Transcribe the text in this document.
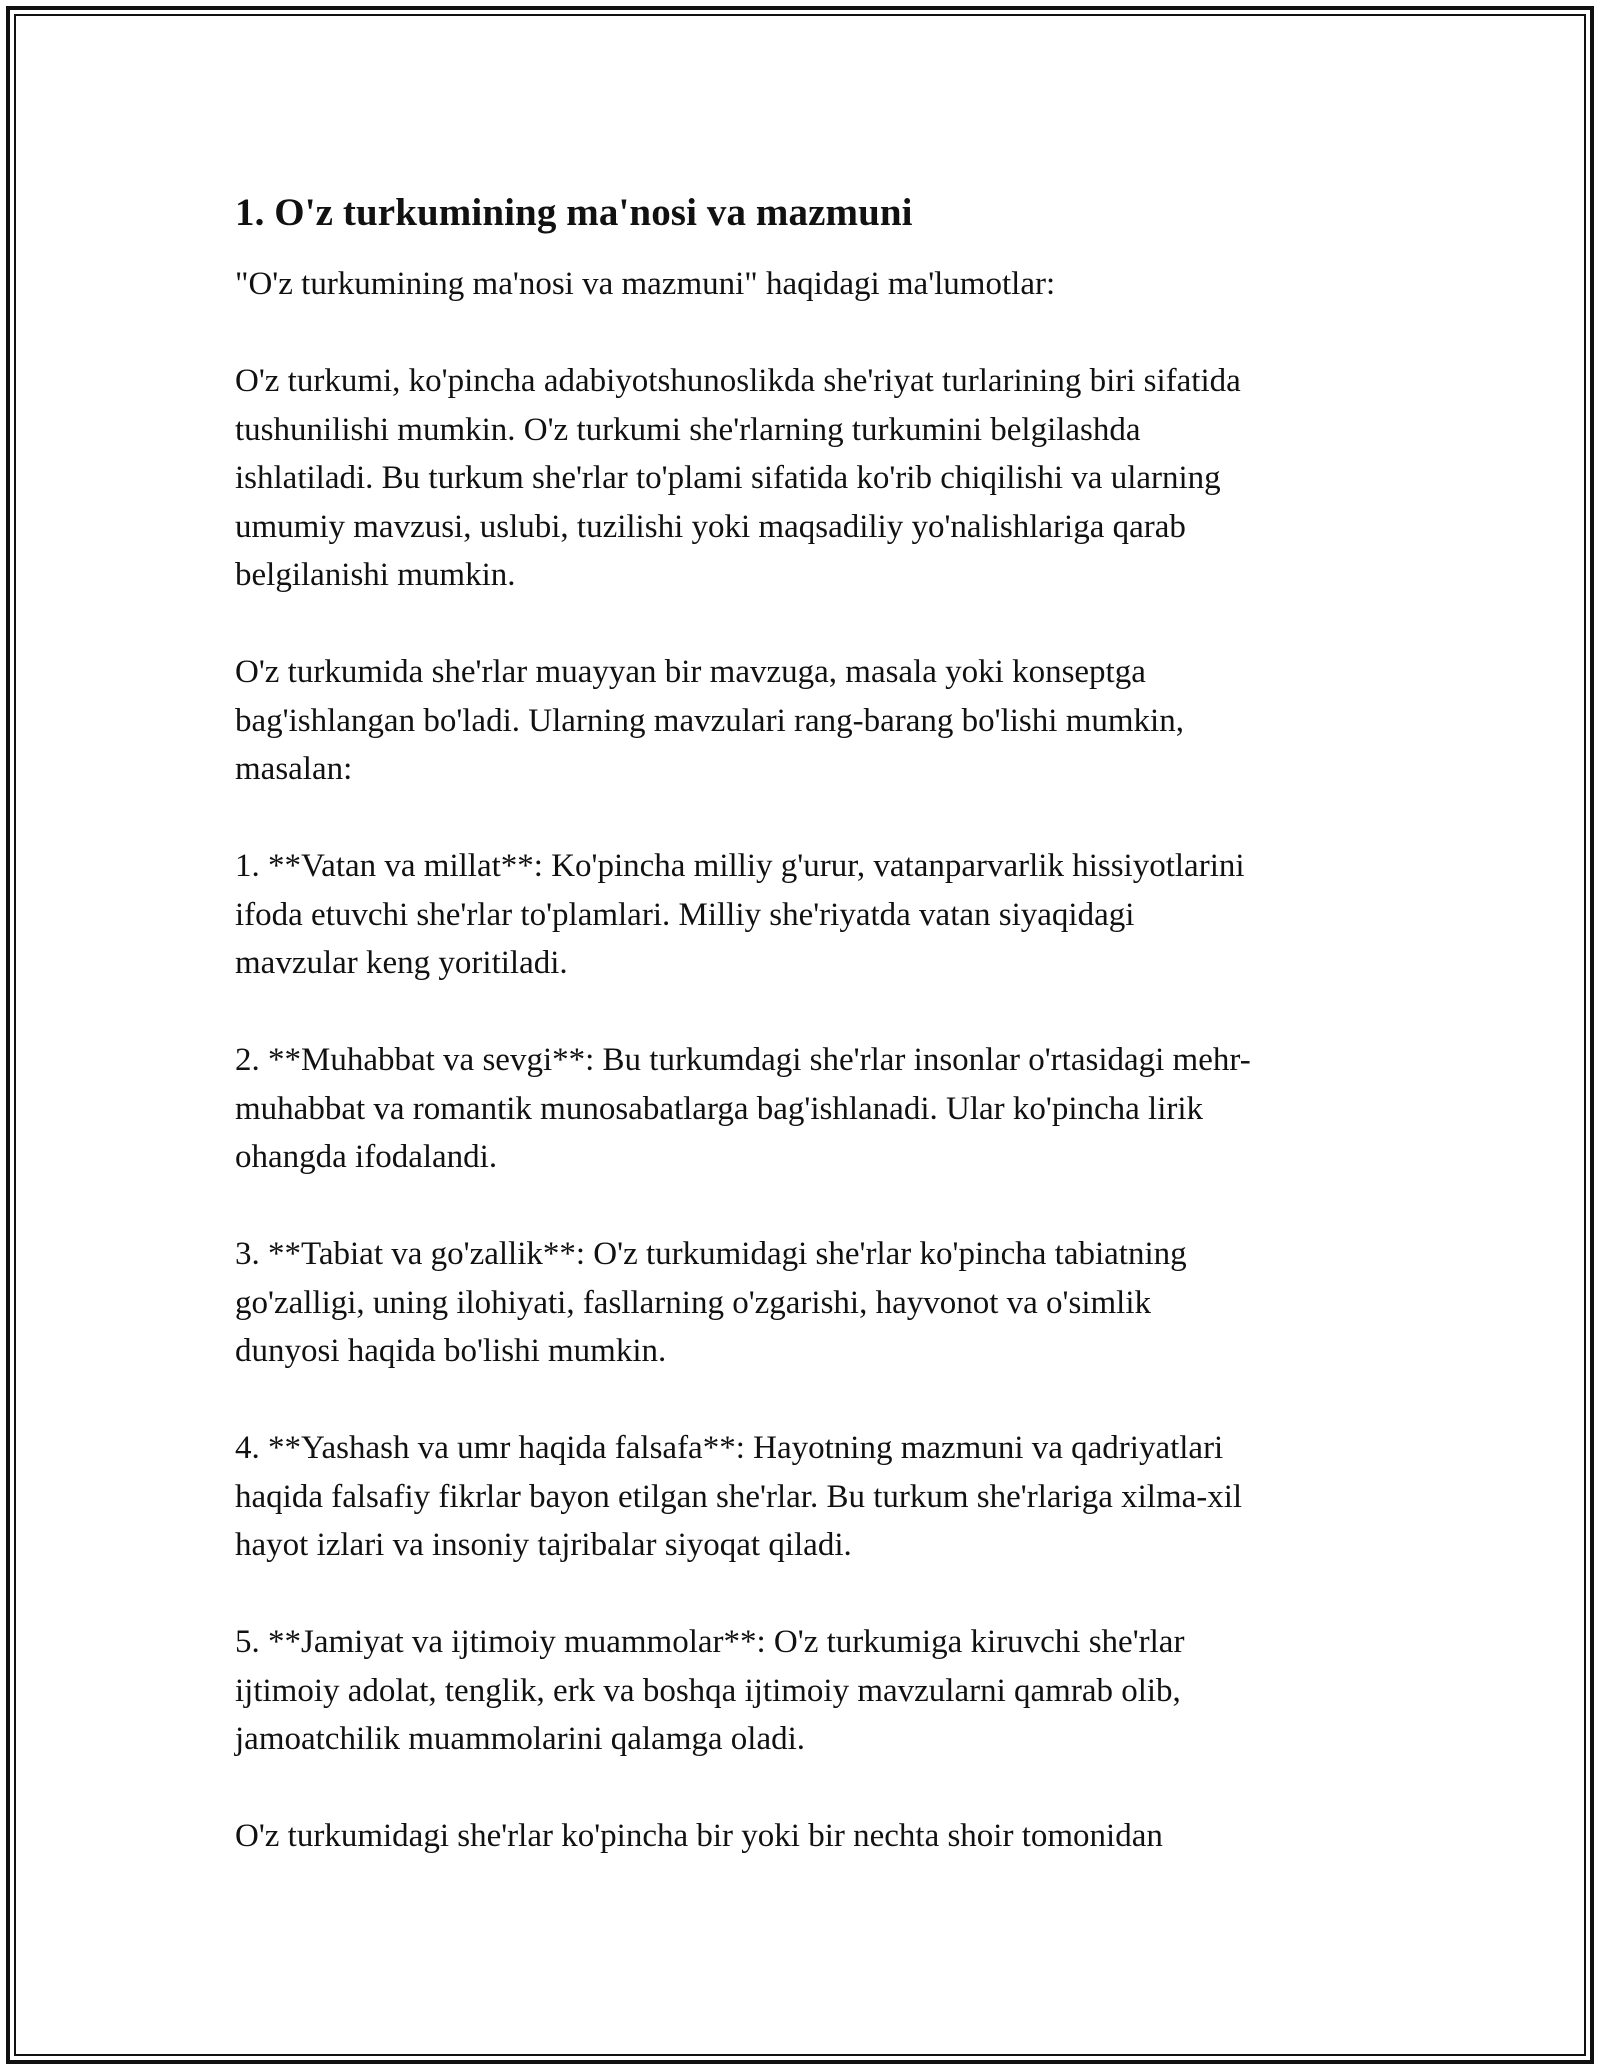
1. O'z turkumining ma'nosi va mazmuni

"O'z turkumining ma'nosi va mazmuni" haqidagi ma'lumotlar:

O'z turkumi, ko'pincha adabiyotshunoslikda she'riyat turlarining biri sifatida
tushunilishi mumkin. O'z turkumi she'rlarning turkumini belgilashda
ishlatiladi. Bu turkum she'rlar to'plami sifatida ko'rib chiqilishi va ularning
umumiy mavzusi, uslubi, tuzilishi yoki maqsadiliy yo'nalishlariga qarab
belgilanishi mumkin.

O'z turkumida she'rlar muayyan bir mavzuga, masala yoki konseptga
bag'ishlangan bo'ladi. Ularning mavzulari rang-barang bo'lishi mumkin,
masalan:

1. **Vatan va millat**: Ko'pincha milliy g'urur, vatanparvarlik hissiyotlarini
ifoda etuvchi she'rlar to'plamlari. Milliy she'riyatda vatan siyaqidagi
mavzular keng yoritiladi.

2. **Muhabbat va sevgi**: Bu turkumdagi she'rlar insonlar o'rtasidagi mehr-
muhabbat va romantik munosabatlarga bag'ishlanadi. Ular ko'pincha lirik
ohangda ifodalandi.

3. **Tabiat va go'zallik**: O'z turkumidagi she'rlar ko'pincha tabiatning
go'zalligi, uning ilohiyati, fasllarning o'zgarishi, hayvonot va o'simlik
dunyosi haqida bo'lishi mumkin.

4. **Yashash va umr haqida falsafa**: Hayotning mazmuni va qadriyatlari
haqida falsafiy fikrlar bayon etilgan she'rlar. Bu turkum she'rlariga xilma-xil
hayot izlari va insoniy tajribalar siyoqat qiladi.

5. **Jamiyat va ijtimoiy muammolar**: O'z turkumiga kiruvchi she'rlar
ijtimoiy adolat, tenglik, erk va boshqa ijtimoiy mavzularni qamrab olib,
jamoatchilik muammolarini qalamga oladi.

O'z turkumidagi she'rlar ko'pincha bir yoki bir nechta shoir tomonidan
